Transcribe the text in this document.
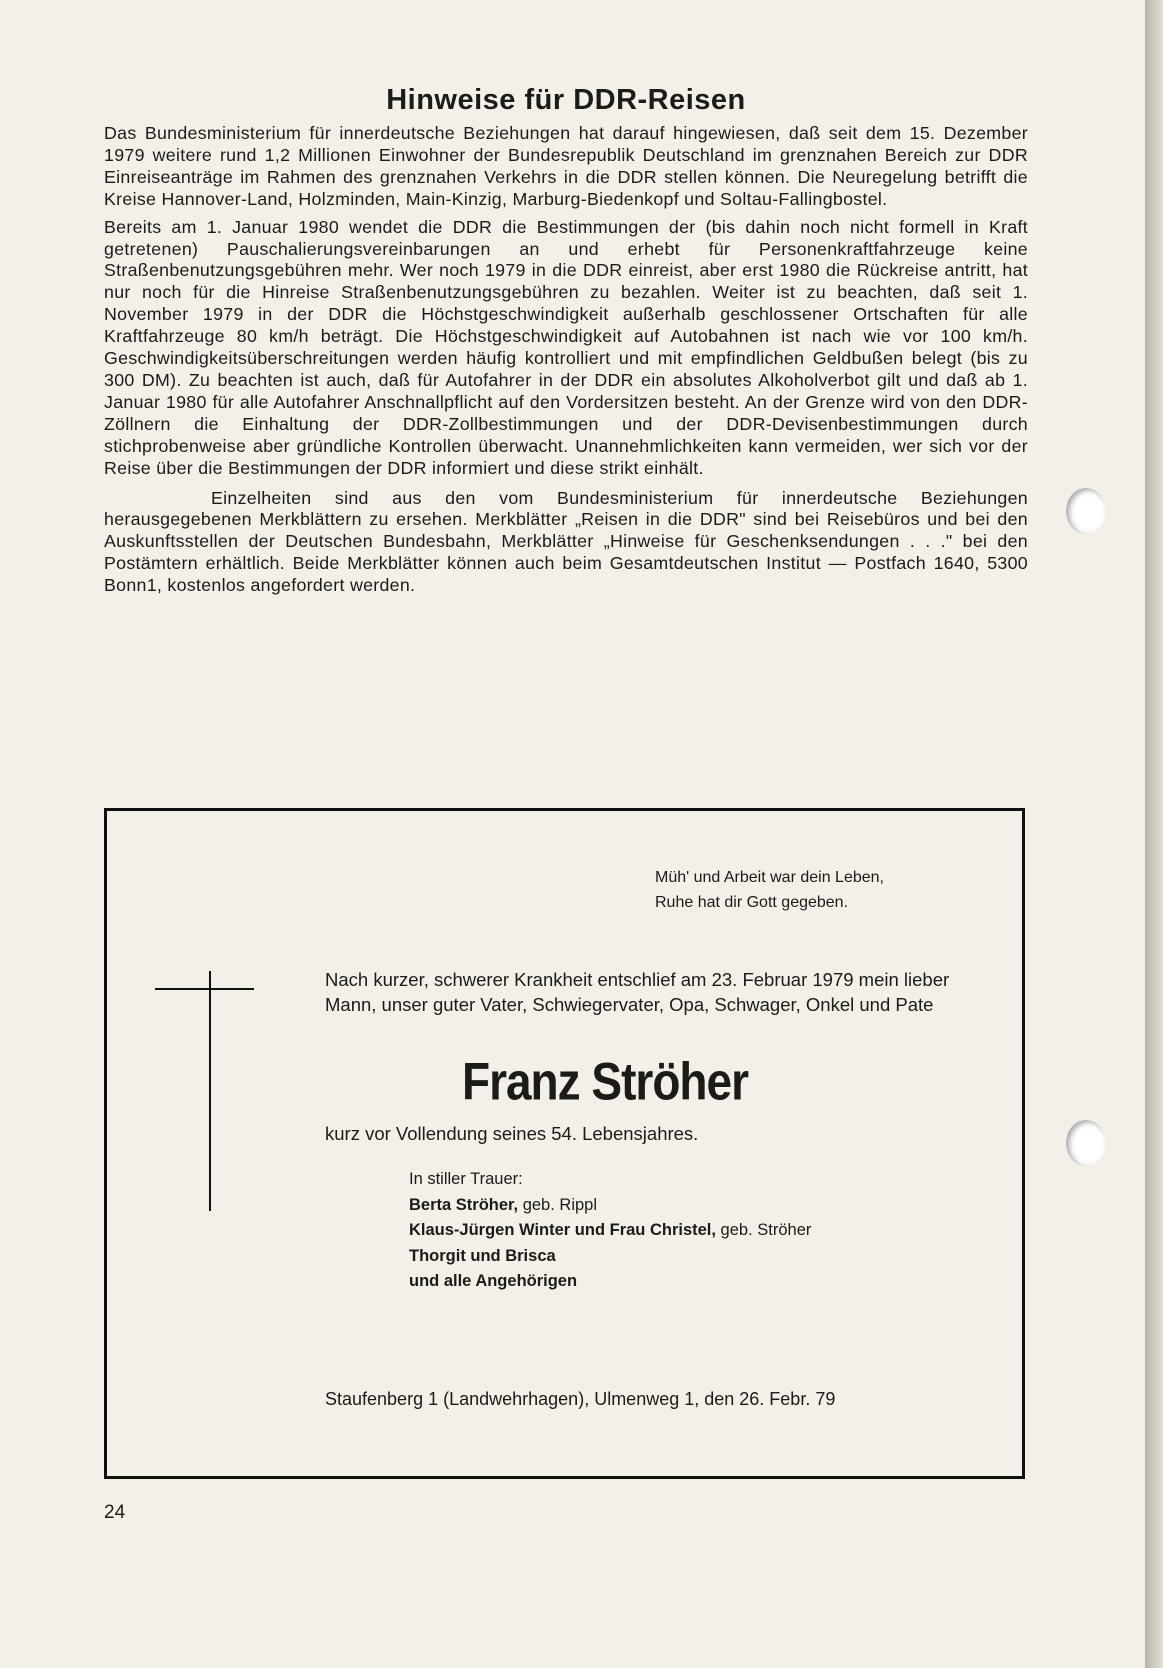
Hinweise für DDR-Reisen

Das Bundesministerium für innerdeutsche Beziehungen hat darauf hingewiesen, daß seit dem 15. Dezember 1979 weitere rund 1,2 Millionen Einwohner der Bundesrepublik Deutschland im grenznahen Bereich zur DDR Einreiseanträge im Rahmen des grenznahen Verkehrs in die DDR stellen können. Die Neuregelung betrifft die Kreise Hannover-Land, Holzminden, Main-Kinzig, Marburg-Biedenkopf und Soltau-Fallingbostel.

Bereits am 1. Januar 1980 wendet die DDR die Bestimmungen der (bis dahin noch nicht formell in Kraft getretenen) Pauschalierungsvereinbarungen an und erhebt für Personenkraftfahrzeuge keine Straßenbenutzungsgebühren mehr. Wer noch 1979 in die DDR einreist, aber erst 1980 die Rückreise antritt, hat nur noch für die Hinreise Straßenbenutzungsgebühren zu bezahlen. Weiter ist zu beachten, daß seit 1. November 1979 in der DDR die Höchstgeschwindigkeit außerhalb geschlossener Ortschaften für alle Kraftfahrzeuge 80 km/h beträgt. Die Höchstgeschwindigkeit auf Autobahnen ist nach wie vor 100 km/h. Geschwindigkeitsüberschreitungen werden häufig kontrolliert und mit empfindlichen Geldbußen belegt (bis zu 300 DM). Zu beachten ist auch, daß für Autofahrer in der DDR ein absolutes Alkoholverbot gilt und daß ab 1. Januar 1980 für alle Autofahrer Anschnallpflicht auf den Vordersitzen besteht. An der Grenze wird von den DDR-Zöllnern die Einhaltung der DDR-Zollbestimmungen und der DDR-Devisenbestimmungen durch stichprobenweise aber gründliche Kontrollen überwacht. Unannehmlichkeiten kann vermeiden, wer sich vor der Reise über die Bestimmungen der DDR informiert und diese strikt einhält.

Einzelheiten sind aus den vom Bundesministerium für innerdeutsche Beziehungen herausgegebenen Merkblättern zu ersehen. Merkblätter „Reisen in die DDR" sind bei Reisebüros und bei den Auskunftsstellen der Deutschen Bundesbahn, Merkblätter „Hinweise für Geschenksendungen . . ." bei den Postämtern erhältlich. Beide Merkblätter können auch beim Gesamtdeutschen Institut — Postfach 1640, 5300 Bonn1, kostenlos angefordert werden.

Müh' und Arbeit war dein Leben,
Ruhe hat dir Gott gegeben.
Nach kurzer, schwerer Krankheit entschlief am 23. Februar 1979 mein lieber Mann, unser guter Vater, Schwiegervater, Opa, Schwager, Onkel und Pate
Franz Ströher
kurz vor Vollendung seines 54. Lebensjahres.
In stiller Trauer:
Berta Ströher, geb. Rippl
Klaus-Jürgen Winter und Frau Christel, geb. Ströher
Thorgit und Brisca
und alle Angehörigen
Staufenberg 1 (Landwehrhagen), Ulmenweg 1, den 26. Febr. 79
24
